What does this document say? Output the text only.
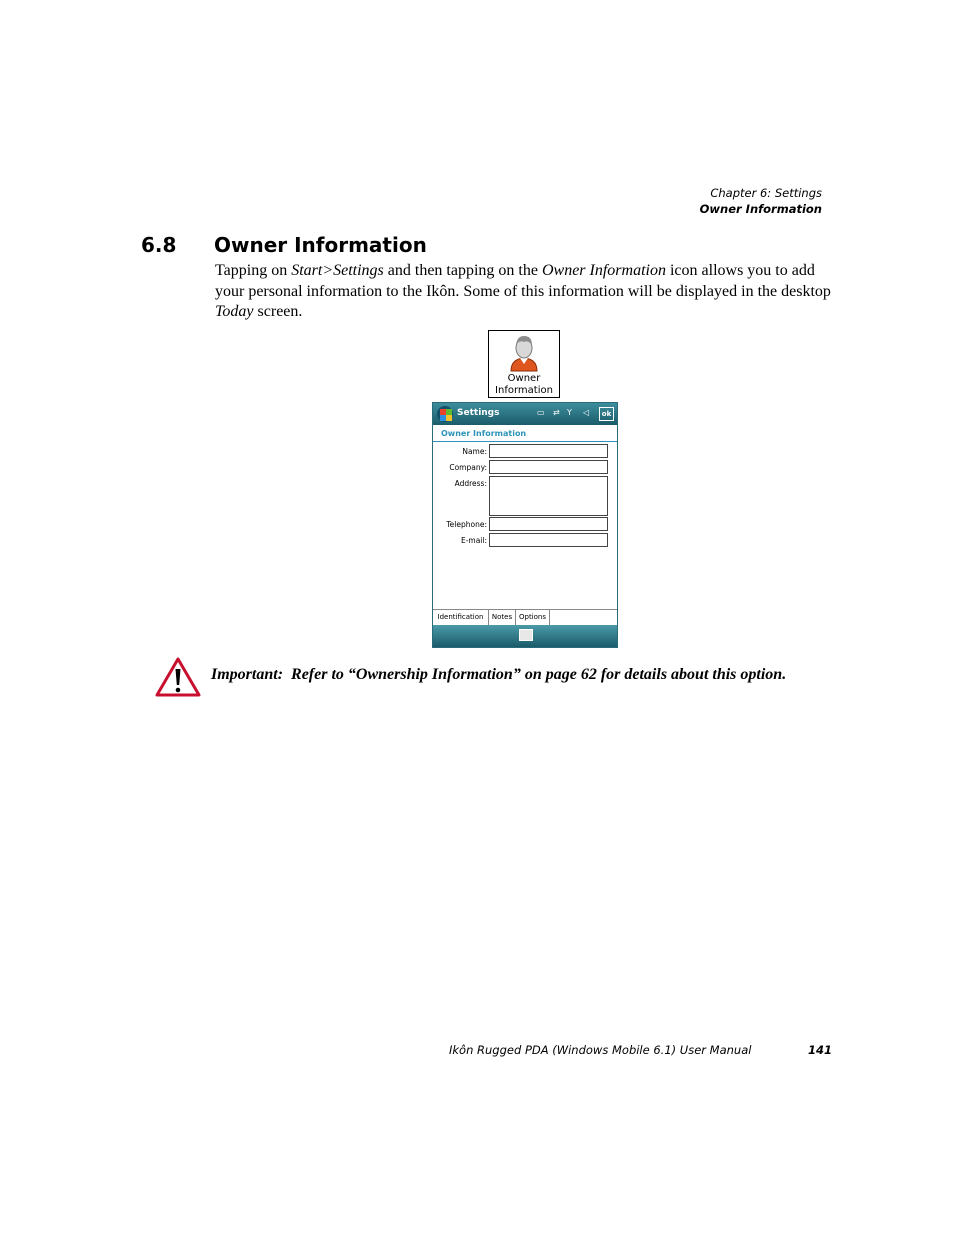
Chapter 6: Settings
Owner Information
6.8 Owner Information
Tapping on Start>Settings and then tapping on the Owner Information icon allows you to add your personal information to the Ikôn. Some of this information will be displayed in the desktop Today screen.
Owner
Information
Settings	▭ ⇄ Y ◁	ok
Owner Information
Name:
Company:
Address:
Telephone:
E-mail:
Identification	Notes Options
Important: Refer to “Ownership Information” on page 62 for details about this option.
Ikôn Rugged PDA (Windows Mobile 6.1) User Manual	141
